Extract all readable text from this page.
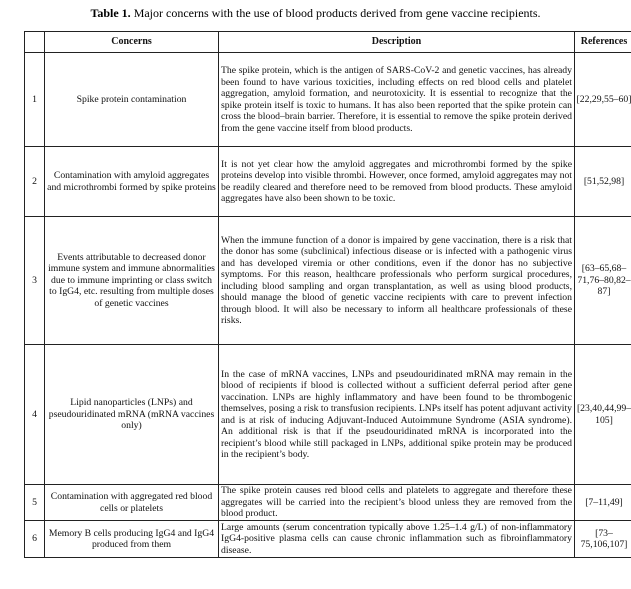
Table 1. Major concerns with the use of blood products derived from gene vaccine recipients.
	Concerns	Description	References
1	Spike protein contamination	The spike protein, which is the antigen of SARS-CoV-2 and genetic vaccines, has already been found to have various toxicities, including effects on red blood cells and platelet aggregation, amyloid formation, and neurotoxicity. It is essential to recognize that the spike protein itself is toxic to humans. It has also been reported that the spike protein can cross the blood–brain barrier. Therefore, it is essential to remove the spike protein derived from the gene vaccine itself from blood products.	[22,29,55–60]
2	Contamination with amyloid aggregates and microthrombi formed by spike proteins	It is not yet clear how the amyloid aggregates and microthrombi formed by the spike proteins develop into visible thrombi. However, once formed, amyloid aggregates may not be readily cleared and therefore need to be removed from blood products. These amyloid aggregates have also been shown to be toxic.	[51,52,98]
3	Events attributable to decreased donor immune system and immune abnormalities due to immune imprinting or class switch to IgG4, etc. resulting from multiple doses of genetic vaccines	When the immune function of a donor is impaired by gene vaccination, there is a risk that the donor has some (subclinical) infectious disease or is infected with a pathogenic virus and has developed viremia or other conditions, even if the donor has no subjective symptoms. For this reason, healthcare professionals who perform surgical procedures, including blood sampling and organ transplantation, as well as using blood products, should manage the blood of genetic vaccine recipients with care to prevent infection through blood. It will also be necessary to inform all healthcare professionals of these risks.	[63–65,68–71,76–80,82–87]
4	Lipid nanoparticles (LNPs) and pseudouridinated mRNA (mRNA vaccines only)	In the case of mRNA vaccines, LNPs and pseudouridinated mRNA may remain in the blood of recipients if blood is collected without a sufficient deferral period after gene vaccination. LNPs are highly inflammatory and have been found to be thrombogenic themselves, posing a risk to transfusion recipients. LNPs itself has potent adjuvant activity and is at risk of inducing Adjuvant-Induced Autoimmune Syndrome (ASIA syndrome). An additional risk is that if the pseudouridinated mRNA is incorporated into the recipient’s blood while still packaged in LNPs, additional spike protein may be produced in the recipient’s body.	[23,40,44,99–105]
5	Contamination with aggregated red blood cells or platelets	The spike protein causes red blood cells and platelets to aggregate and therefore these aggregates will be carried into the recipient’s blood unless they are removed from the blood product.	[7–11,49]
6	Memory B cells producing IgG4 and IgG4 produced from them	Large amounts (serum concentration typically above 1.25–1.4 g/L) of non-inflammatory IgG4-positive plasma cells can cause chronic inflammation such as fibroinflammatory disease.	[73–75,106,107]
